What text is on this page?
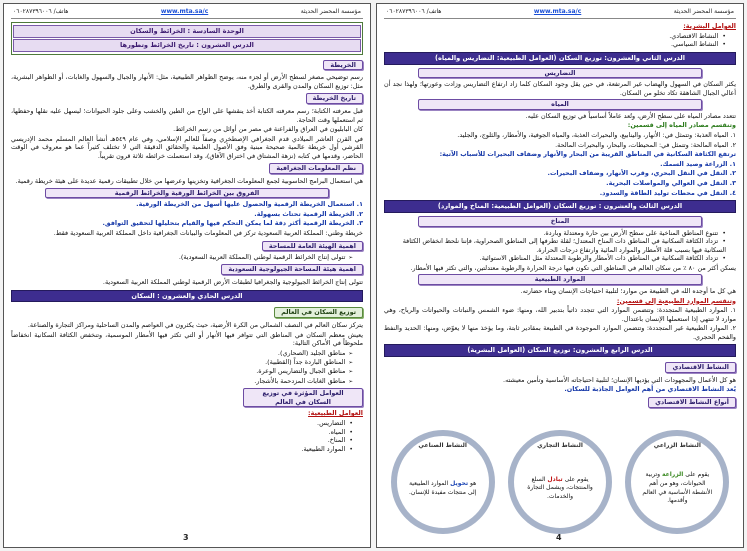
هاتف/ ٠٦٠٢٨٧٣٩٦٠٠٦	www.mta.sa/c	مؤسسة المحضر الحديثة
الوحدة السادسة : الخرائط والسكان
الدرس العشرون : تاريخ الخرائط وتطورها
الخريطة

رسم توضيحي مصغر لسطح الأرض أو لجزء منه، يوضح الظواهر الطبيعية، مثل: الأنهار والجبال والسهول والغابات، أو الظواهر البشرية، مثل: توزيع السكان والمدن والقرى والطرق.

تاريخ الخريطة

قبل معرفته الكتابة؛ رسم معرفته الكتابة أخذ ينقشها على الواح من الطين والخشب وعلى جلود الحيوانات؛ ليسهل عليه نقلها وحفظها، ثم استعملها وقت الحاجة.

كان البابليون في العراق والفراعنة في مصر من أوائل من رسم الخرائط.

في القرن العاشر الميلادي قدم الجغرافي الإصطخري وصفاً للعالم الإسلامي، وفي عام ٥٤٩هـ أنشأ العالم المسلم محمد الإدريسي القرشي أول خريطة عالمية صحيحة مبنية وفق الأصول العلمية والحقائق الدقيقة التي لا تختلف كثيراً عما هو معروف في الوقت الحاضر، وقدمها في كتابه (نزهة المشتاق في اختراق الآفاق)، وقد استعملت خرائطه ثلاثة قرون تقريباً.

نظم المعلومات الجغرافية

هي استعمال البرامج الحاسوبية لجمع المعلومات الجغرافية وتخزينها وعرضها من خلال تطبيقات رقمية عديدة على هيئة خريطة رقمية.

الفروق بين الخرائط الورقية والخرائط الرقمية

١. استعمال الخريطة الرقمية والحصول عليها أسهل من الخريطة الورقية.

٢. الخريطة الرقمية تحتاث بسهولة.

٣. الخريطة الرقمية أكثر دقة لما يمكن التحكم فيها والقيام بتحليلها لتحقيق التوافق.

خريطة وطني: المملكة العربية السعودية تركز في المعلومات والبيانات الجغرافية داخل المملكة العربية السعودية فقط.

اهمية الهيئة العامة للمساحة
➢ تتولى إنتاج الخرائط الرقمية لوطني (المملكة العربية السعودية).
اهمية هيئة المساحة الجيولوجية السعودية

تتولى إنتاج الخرائط الجيولوجية والجغرافيا لطبقات الأرض الرقمية لوطني المملكة العربية السعودية.

الدرس الحادي والعشرون : السكان
توزيع السكان في العالم

يتركز سكان العالم في النصف الشمالي من الكرة الأرضية، حيث يكثرون في العواصم والمدن الساحلية ومراكز التجارة والصناعة.

يعيش معظم السكان في المناطق التي تتوافر فيها الأنهار أو التي تكثر فيها الأمطار الموسمية، وتنخفض الكثافة السكانية انخفاضاً ملحوظاً في الأماكن التالية:

➢ مناطق الجليد (الصحاري).
➢ المناطق الباردة جداً (القطبية).
➢ مناطق الجبال والتضاريس الوعرة.
➢ مناطق الغابات المزدحمة بالأشجار.
العوامل المؤثرة في توزيع السكان في العالم

العوامل الطبيعية:

• التضاريس.
• المياه.
• المناخ.
• الموارد الطبيعية.
3
هاتف/ ٠٦٠٢٨٧٣٩٦٠٠٦	www.mta.sa/c	مؤسسة المحضر الحديثة

العوامل البشرية:

• النشاط الاقتصادي.
• النشاط السياسي.
الدرس الثاني والعشرون: توزيع السكان (العوامل الطبيعية: التضاريس والمياه)
التضاريس

يكثر السكان في السهول والهضاب غير المرتفعة، في حين يقل وجود السكان كلما زاد ارتفاع التضاريس وزادت وعورتها؛ ولهذا نجد أن أعالي الجبال الشاهقة تكاد تخلو من السكان.

المياه

تتعدد مصادر المياه على سطح الأرض، وتُعد عاملاً أساسياً في توزيع السكان عليه.

وتنقسم مصادر المياه إلى قسمين:

١. المياه العذبة: وتتمثل في: الأنهار، والينابيع، والبحيرات العذبة، والمياه الجوفية، والأمطار، والثلوج، والجليد.

٢. المياه المالحة: وتتمثل في: المحيطات، والبحار، والبحيرات المالحة.

ترتفع الكثافة السكانية في المناطق القريبة من البحار والأنهار وضفاف البحيرات للأسباب الآتية:

١. الزراعة وصيد السمك.

٢. النقل في النقل البحري، وقرب الأنهار، وضفاف البحيرات.

٣. النقل في العوالي والمواصلات البحرية.

٤. النقل في محطات توليد الطاقة والسدود.

الدرس الثالث والعشرون : توزيع السكان (العوامل الطبيعية: المناخ والموارد)
المناخ
• تتنوع المناطق المناخية على سطح الأرض بين حارة ومعتدلة وباردة.
• تزداد الكثافة السكانية في المناطق ذات المناخ المعتدل؛ لقلة تطرفها إلى المناطق الصحراوية، فإننا نلحظ انخفاض الكثافة السكانية فيها بسبب قلة الأمطار والموارد المائية وارتفاع درجات الحرارة.
• تزداد الكثافة السكانية في المناطق ذات الأمطار والرطوبة المعتدلة مثل المناطق الاستوائية.

يسكن أكثر من ٨٠ ٪ من سكان العالم في المناطق التي تكون فيها درجة الحرارة والرطوبة معتدلتين، والتي تكثر فيها الأمطار.

الموارد الطبيعية

هي كل ما أوجده الله في الطبيعة من موارد؛ لتلبية احتياجات الإنسان وبناء حضارته.

وتنقسم الموارد الطبيعية إلى قسمين:

١. الموارد الطبيعية المتجددة: وتتضمن الموارد التي تتجدد ذاتياً بتدبير الله، ومنها: ضوء الشمس والنباتات والحيوانات والرياح، وهي موارد لا تنتهي إذا استعملها الإنسان باعتدال.

٢. الموارد الطبيعية غير المتجددة: وتتضمن الموارد الموجودة في الطبيعة بمقادير ثابتة، وما يؤخذ منها لا يعوّض، ومنها: الحديد والنفط والفحم الحجري.

الدرس الرابع والعشرون: توزيع السكان (العوامل البشرية)
النشاط الاقتصادي

هو كل الأعمال والمجهودات التي يؤديها الإنسان؛ لتلبية احتياجاته الأساسية وتأمين معيشته.

يُعد النشاط الاقتصادي من أهم العوامل الجاذبة للسكان.

أنواع النشاط الاقتصادي
النشاط الزراعي
يقوم على الزراعة وتربية الحيوانات، وهو من أهم الأنشطة الأساسية في العالم وأقدمها.
النشاط التجاري
يقوم على تبادل السلع والمنتجات، ويشمل التجارة والخدمات.
النشاط الصناعي
هو تحويل الموارد الطبيعية إلى منتجات مفيدة للإنسان.
4
